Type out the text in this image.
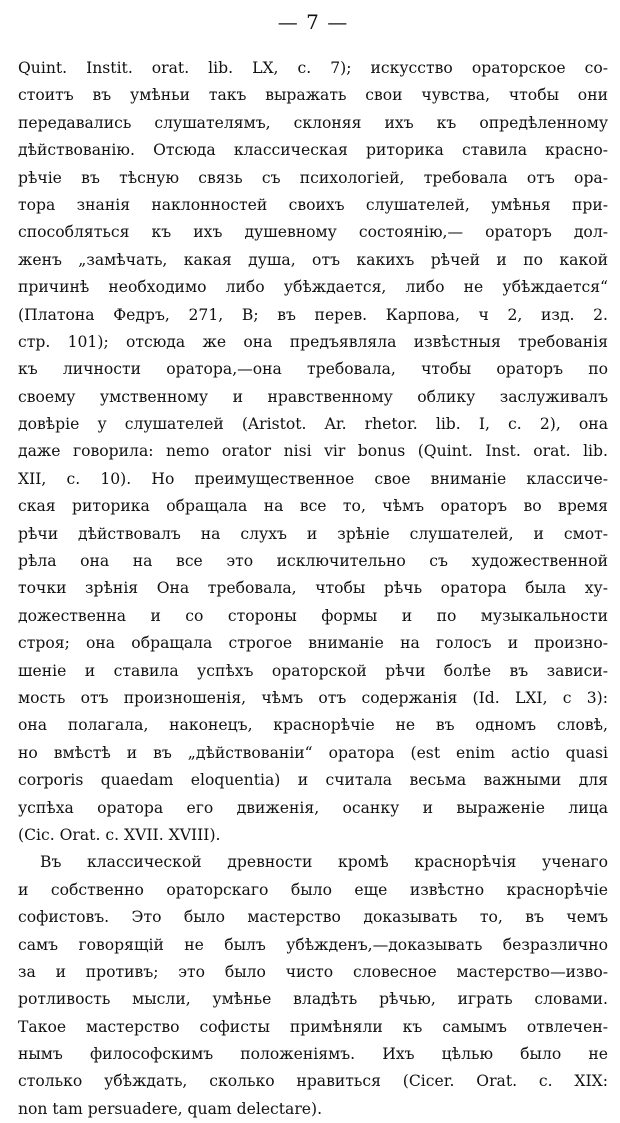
— 7 —
Quint. Instit. orat. lib. LX, c. 7); искусство ораторское со-
стоитъ въ умѣньи такъ выражать свои чувства, чтобы они
передавались слушателямъ, склоняя ихъ къ опредѣленному
дѣйствованію. Отсюда классическая риторика ставила красно-
рѣчіе въ тѣсную связь съ психологіей, требовала отъ ора-
тора знанія наклонностей своихъ слушателей, умѣнья при-
способляться къ ихъ душевному состоянію,— ораторъ дол-
женъ „замѣчать, какая душа, отъ какихъ рѣчей и по какой
причинѣ необходимо либо убѣждается, либо не убѣждается“
(Платона Федръ, 271, В; въ перев. Карпова, ч 2, изд. 2.
стр. 101); отсюда же она предъявляла извѣстныя требованія
къ личности оратора,—она требовала, чтобы ораторъ по
своему умственному и нравственному облику заслуживалъ
довѣріе у слушателей (Aristot. Ar. rhetor. lib. I, c. 2), она
даже говорила: nemo orator nisi vir bonus (Quint. Inst. orat. lib.
XII, c. 10). Но преимущественное свое вниманіе классиче-
ская риторика обращала на все то, чѣмъ ораторъ во время
рѣчи дѣйствовалъ на слухъ и зрѣніе слушателей, и смот-
рѣла она на все это исключительно съ художественной
точки зрѣнія Она требовала, чтобы рѣчь оратора была ху-
дожественна и со стороны формы и по музыкальности
строя; она обращала строгое вниманіе на голосъ и произно-
шеніе и ставила успѣхъ ораторской рѣчи болѣе въ зависи-
мость отъ произношенія, чѣмъ отъ содержанія (Id. LXI, c 3):
она полагала, наконецъ, краснорѣчіе не въ одномъ словѣ,
но вмѣстѣ и въ „дѣйствованіи“ оратора (est enim actio quasi
corporis quaedam eloquentia) и считала весьма важными для
успѣха оратора его движенія, осанку и выраженіе лица
(Cic. Orat. c. XVII. XVIII).
Въ классической древности кромѣ краснорѣчія ученаго
и собственно ораторскаго было еще извѣстно краснорѣчіе
софистовъ. Это было мастерство доказывать то, въ чемъ
самъ говорящій не былъ убѣжденъ,—доказывать безразлично
за и противъ; это было чисто словесное мастерство—изво-
ротливость мысли, умѣнье владѣть рѣчью, играть словами.
Такое мастерство софисты примѣняли къ самымъ отвлечен-
нымъ философскимъ положеніямъ. Ихъ цѣлью было не
столько убѣждать, сколько нравиться (Cicer. Orat. c. XIX:
non tam persuadere, quam delectare).
